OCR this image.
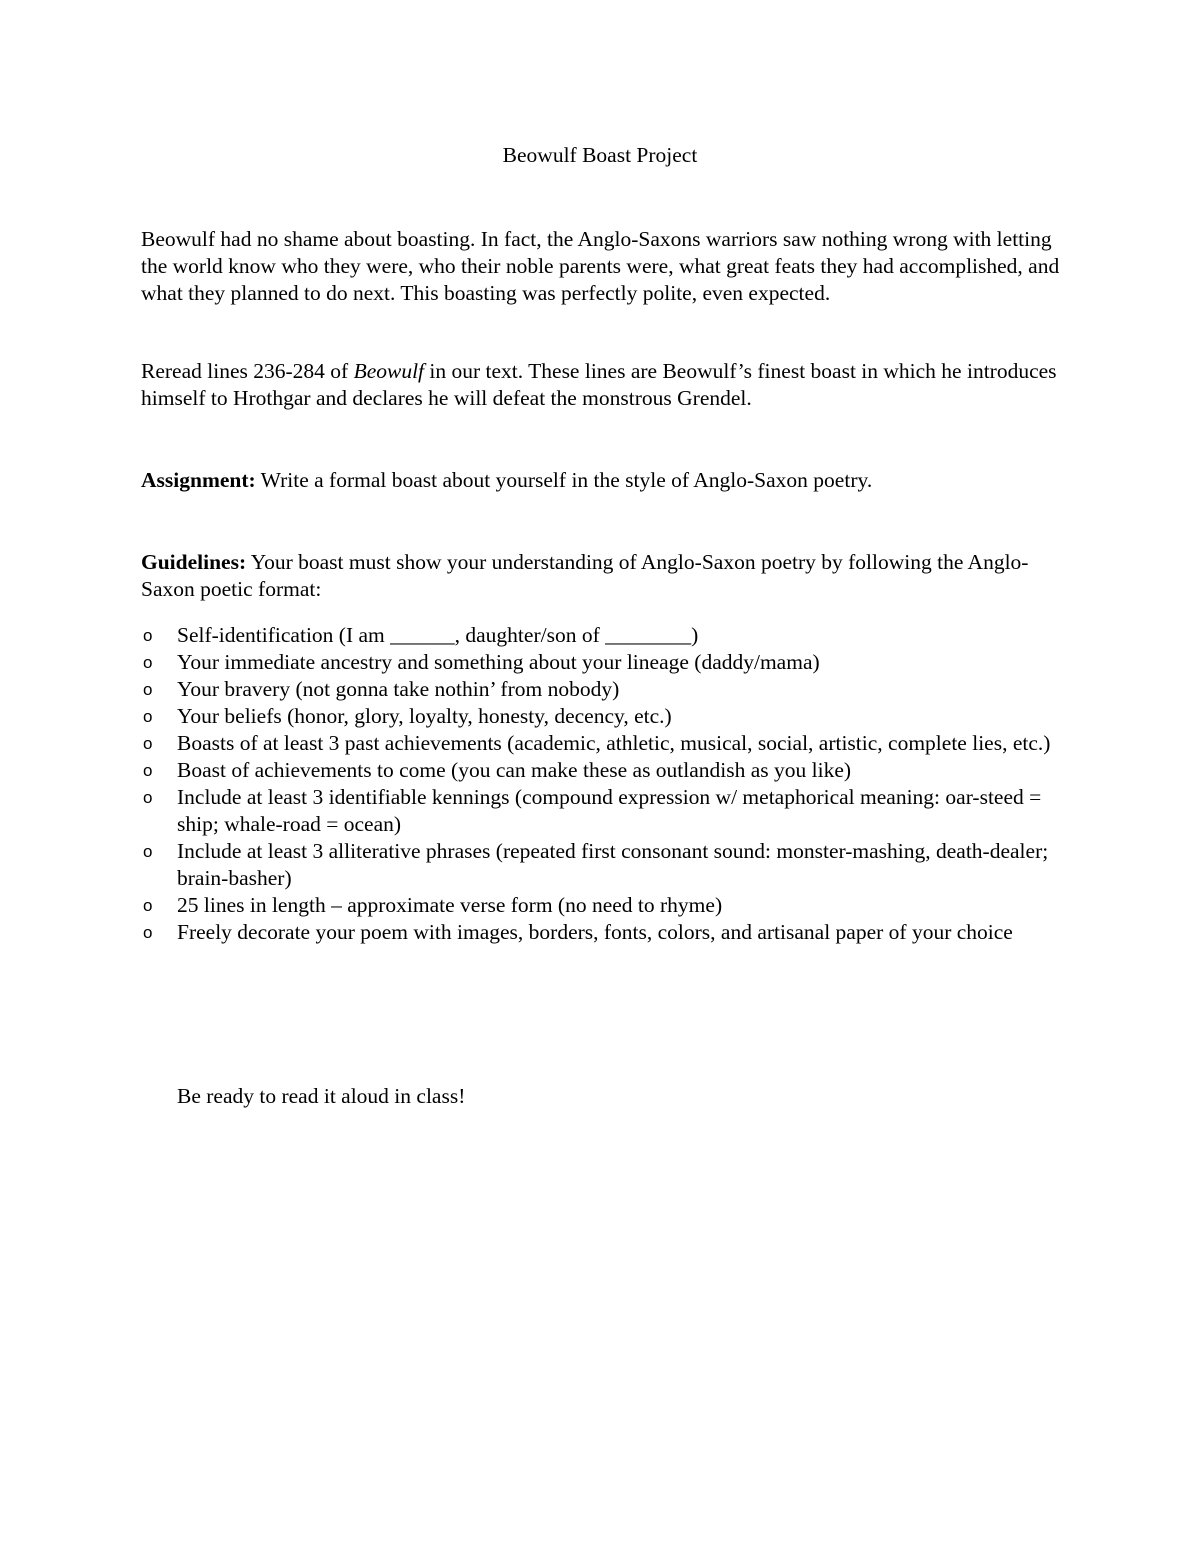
Beowulf Boast Project

Beowulf had no shame about boasting. In fact, the Anglo-Saxons warriors saw nothing wrong with letting the world know who they were, who their noble parents were, what great feats they had accomplished, and what they planned to do next. This boasting was perfectly polite, even expected.

Reread lines 236-284 of Beowulf in our text. These lines are Beowulf’s finest boast in which he introduces himself to Hrothgar and declares he will defeat the monstrous Grendel.

Assignment: Write a formal boast about yourself in the style of Anglo-Saxon poetry.

Guidelines: Your boast must show your understanding of Anglo-Saxon poetry by following the Anglo-Saxon poetic format:

o Self-identification (I am ______, daughter/son of ________)
o Your immediate ancestry and something about your lineage (daddy/mama)
o Your bravery (not gonna take nothin’ from nobody)
o Your beliefs (honor, glory, loyalty, honesty, decency, etc.)
o Boasts of at least 3 past achievements (academic, athletic, musical, social, artistic, complete lies, etc.)
o Boast of achievements to come (you can make these as outlandish as you like)
o Include at least 3 identifiable kennings (compound expression w/ metaphorical meaning: oar-steed = ship; whale-road = ocean)
o Include at least 3 alliterative phrases (repeated first consonant sound: monster-mashing, death-dealer; brain-basher)
o 25 lines in length – approximate verse form (no need to rhyme)
o Freely decorate your poem with images, borders, fonts, colors, and artisanal paper of your choice

Be ready to read it aloud in class!
